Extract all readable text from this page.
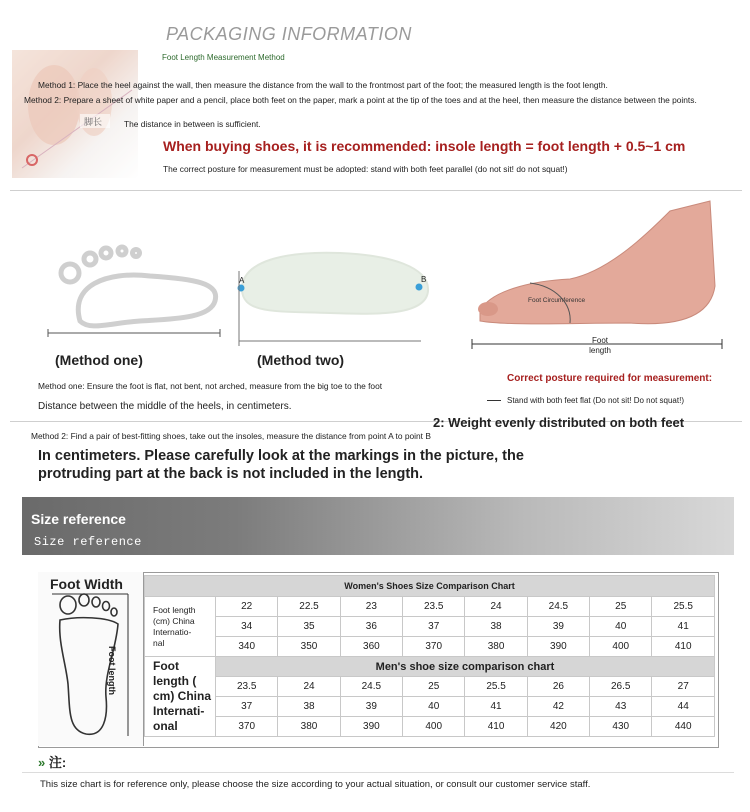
脚长
PACKAGING INFORMATION
Foot Length Measurement Method
Method 1: Place the heel against the wall, then measure the distance from the wall to the frontmost part of the foot; the measured length is the foot length.
Method 2: Prepare a sheet of white paper and a pencil, place both feet on the paper, mark a point at the tip of the toes and at the heel, then measure the distance between the points.
The distance in between is sufficient.
When buying shoes, it is recommended: insole length = foot length + 0.5~1 cm
The correct posture for measurement must be adopted: stand with both feet parallel (do not sit! do not squat!)
A	B
Foot Circumference
Foot length
(Method one)	(Method two)
Correct posture required for measurement:
Stand with both feet flat (Do not sit! Do not squat!)
Method one: Ensure the foot is flat, not bent, not arched, measure from the big toe to the foot
Distance between the middle of the heels, in centimeters.
2: Weight evenly distributed on both feet
Method 2: Find a pair of best-fitting shoes, take out the insoles, measure the distance from point A to point B
In centimeters. Please carefully look at the markings in the picture, the protruding part at the back is not included in the length.
Size reference
Size reference
Foot Width
Foot length
Women's Shoes Size Comparison Chart								

Foot length
(cm) China
Internatio-
nal	22	22.5	23	23.5	24	24.5	25	25.5
	34	35	36	37	38	39	40	41
	340	350	360	370	380	390	400	410

Foot
length (
cm) China
Internati-
onal	Men's shoe size comparison chart							
	23.5	24	24.5	25	25.5	26	26.5	27
	37	38	39	40	41	42	43	44
	370	380	390	400	410	420	430	440
» 注:
This size chart is for reference only, please choose the size according to your actual situation, or consult our customer service staff.
